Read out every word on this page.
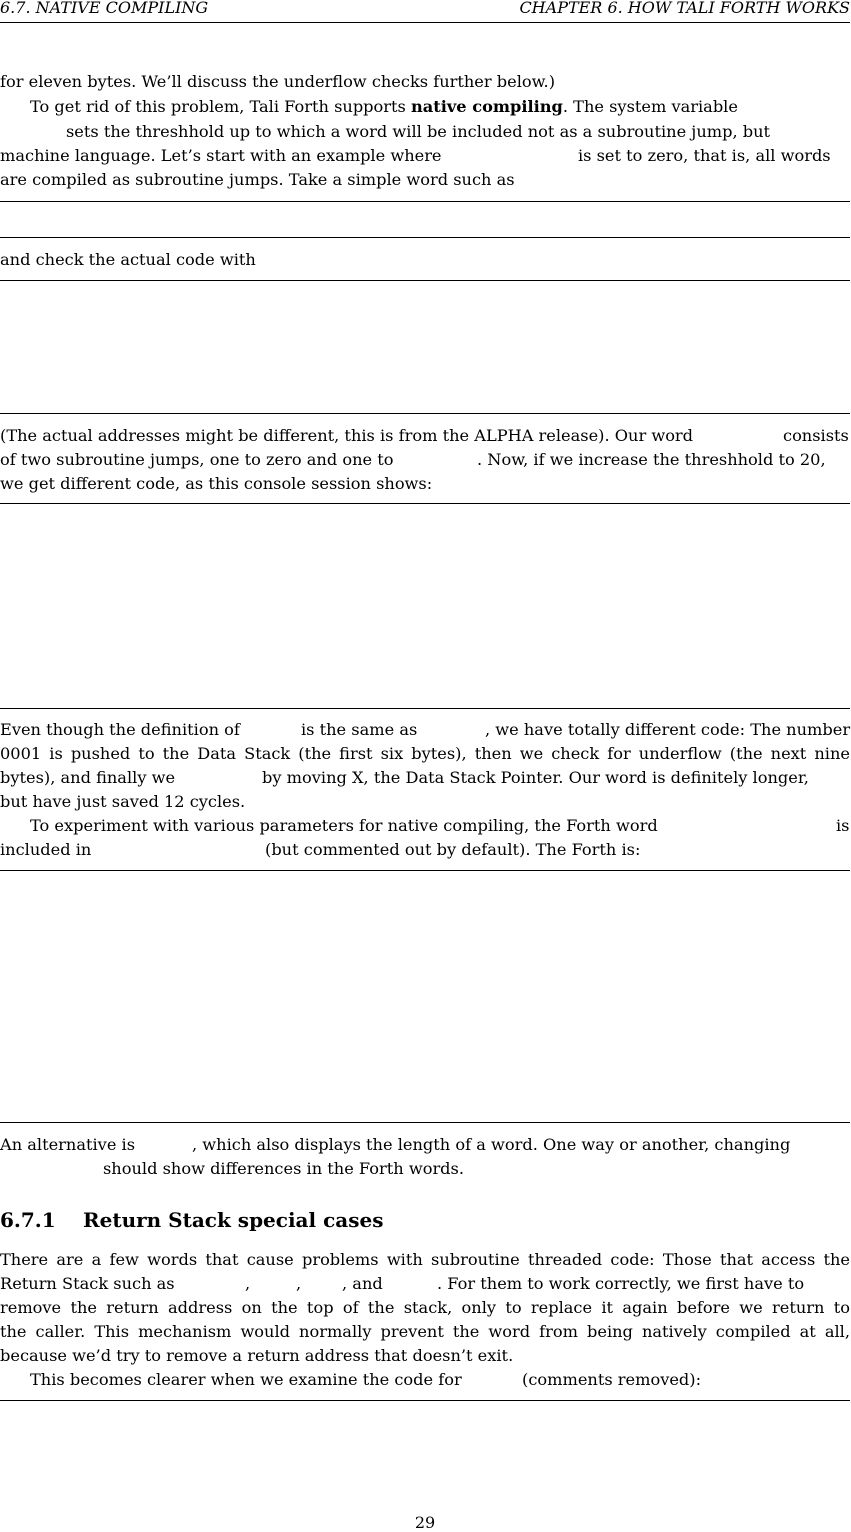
6.7. NATIVE COMPILING	CHAPTER 6. HOW TALI FORTH WORKS
for eleven bytes. We’ll discuss the underflow checks further below.)
To get rid of this problem, Tali Forth supports native compiling. The system variable
sets the threshhold up to which a word will be included not as a subroutine jump, but
machine language. Let’s start with an example where	is set to zero, that is, all words
are compiled as subroutine jumps. Take a simple word such as
and check the actual code with
(The actual addresses might be different, this is from the ALPHA release). Our word	consists
of two subroutine jumps, one to zero and one to	. Now, if we increase the threshhold to 20,
we get different code, as this console session shows:
Even though the definition of	is the same as	, we have totally different code: The number
0001 is pushed to the Data Stack (the first six bytes), then we check for underflow (the next nine
bytes), and finally we	by moving X, the Data Stack Pointer. Our word is definitely longer,
but have just saved 12 cycles.
To experiment with various parameters for native compiling, the Forth word	is
included in	(but commented out by default). The Forth is:
An alternative is	, which also displays the length of a word. One way or another, changing
should show differences in the Forth words.
6.7.1 Return Stack special cases
There are a few words that cause problems with subroutine threaded code: Those that access the
Return Stack such as	,	,	, and	. For them to work correctly, we first have to
remove the return address on the top of the stack, only to replace it again before we return to
the caller. This mechanism would normally prevent the word from being natively compiled at all,
because we’d try to remove a return address that doesn’t exit.
This becomes clearer when we examine the code for	(comments removed):
29
